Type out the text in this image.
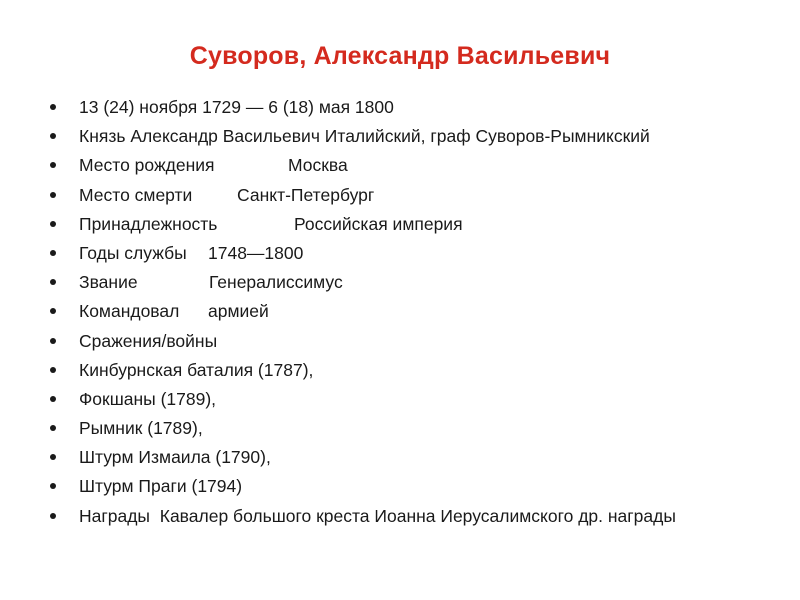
Суворов, Александр Васильевич
13 (24) ноября 1729 — 6 (18) мая 1800
Князь Александр Васильевич Италийский, граф Суворов-Рымникский
Место рождения	Москва
Место смерти	Санкт-Петербург
Принадлежность	Российская империя
Годы службы 1748—1800
Звание	Генералиссимус
Командовал армией
Сражения/войны
Кинбурнская баталия (1787),
Фокшаны (1789),
Рымник (1789),
Штурм Измаила (1790),
Штурм Праги (1794)
Награды Кавалер большого креста Иоанна Иерусалимского др. награды
